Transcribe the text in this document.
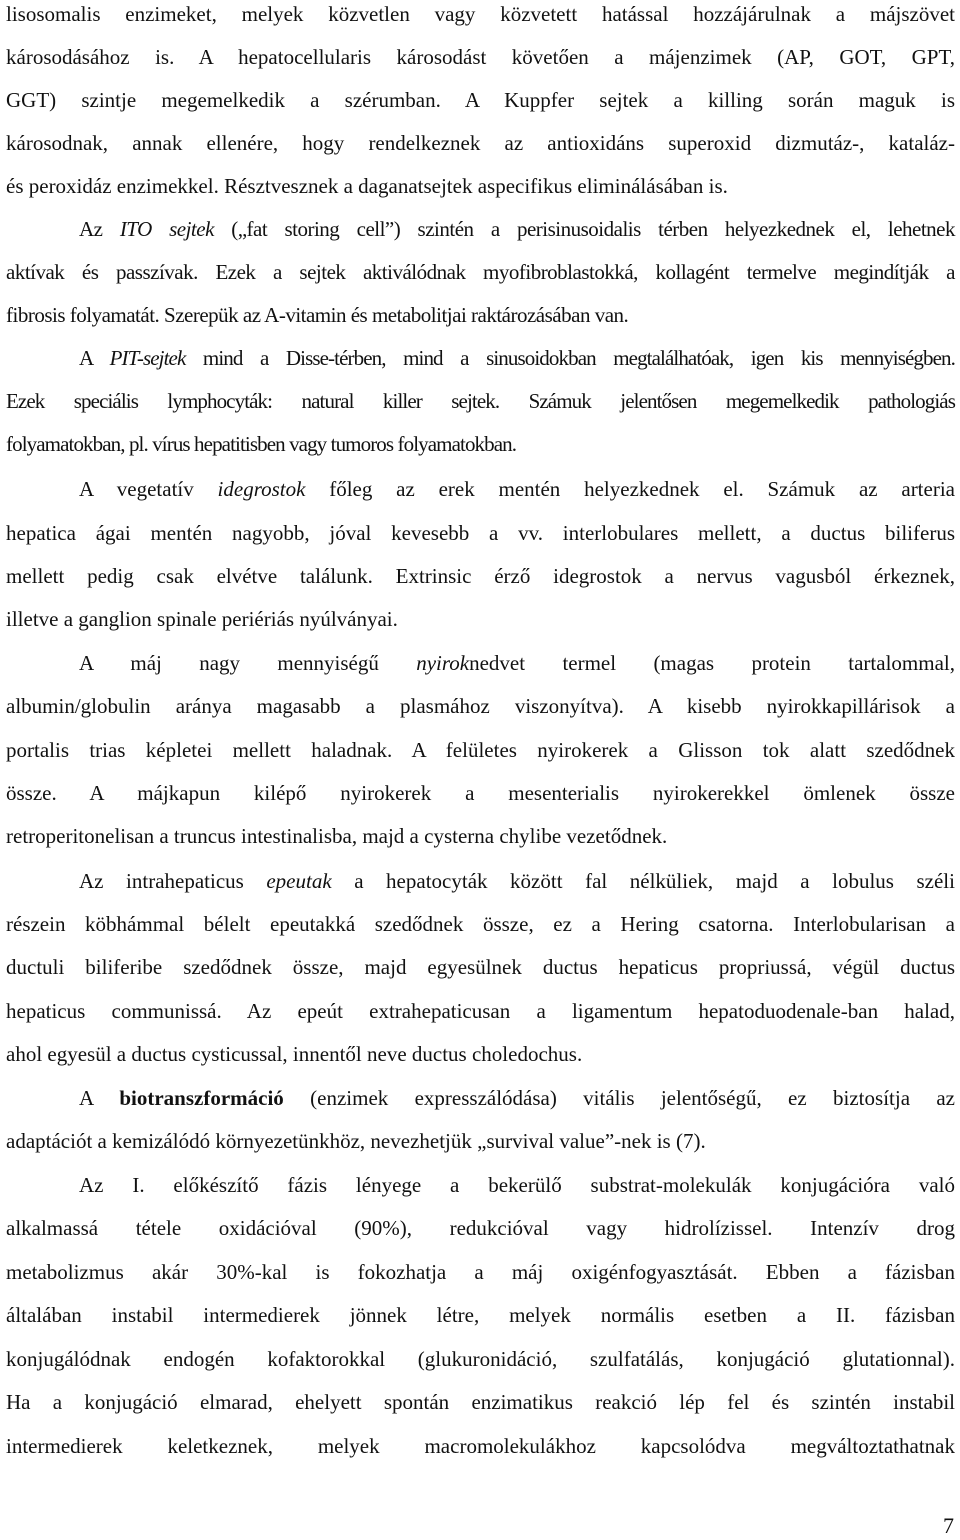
lisosomalis enzimeket, melyek közvetlen vagy közvetett hatással hozzájárulnak a májszövet
károsodásához is. A hepatocellularis károsodást követően a májenzimek (AP, GOT, GPT,
GGT) szintje megemelkedik a szérumban. A Kuppfer sejtek a killing során maguk is
károsodnak, annak ellenére, hogy rendelkeznek az antioxidáns superoxid dizmutáz-, kataláz-
és peroxidáz enzimekkel. Résztvesznek a daganatsejtek aspecifikus eliminálásában is.
Az ITO sejtek („fat storing cell”) szintén a perisinusoidalis térben helyezkednek el, lehetnek
aktívak és passzívak. Ezek a sejtek aktiválódnak myofibroblastokká, kollagént termelve megindítják a
fibrosis folyamatát. Szerepük az A-vitamin és metabolitjai raktározásában van.
A PIT-sejtek mind a Disse-térben, mind a sinusoidokban megtalálhatóak, igen kis mennyiségben.
Ezek speciális lymphocyták: natural killer sejtek. Számuk jelentősen megemelkedik pathologiás
folyamatokban, pl. vírus hepatitisben vagy tumoros folyamatokban.
A vegetatív idegrostok főleg az erek mentén helyezkednek el. Számuk az arteria
hepatica ágai mentén nagyobb, jóval kevesebb a vv. interlobulares mellett, a ductus biliferus
mellett pedig csak elvétve találunk. Extrinsic érző idegrostok a nervus vagusból érkeznek,
illetve a ganglion spinale periériás nyúlványai.
A máj nagy mennyiségű nyiroknedvet termel (magas protein tartalommal,
albumin/globulin aránya magasabb a plasmához viszonyítva). A kisebb nyirokkapillárisok a
portalis trias képletei mellett haladnak. A felületes nyirokerek a Glisson tok alatt szedődnek
össze. A májkapun kilépő nyirokerek a mesenterialis nyirokerekkel ömlenek össze
retroperitonelisan a truncus intestinalisba, majd a cysterna chylibe vezetődnek.
Az intrahepaticus epeutak a hepatocyták között fal nélküliek, majd a lobulus széli
részein köbhámmal bélelt epeutakká szedődnek össze, ez a Hering csatorna. Interlobularisan a
ductuli biliferibe szedődnek össze, majd egyesülnek ductus hepaticus propriussá, végül ductus
hepaticus communissá. Az epeút extrahepaticusan a ligamentum hepatoduodenale-ban halad,
ahol egyesül a ductus cysticussal, innentől neve ductus choledochus.
A biotranszformáció (enzimek expresszálódása) vitális jelentőségű, ez biztosítja az
adaptációt a kemizálódó környezetünkhöz, nevezhetjük „survival value”-nek is (7).
Az I. előkészítő fázis lényege a bekerülő substrat-molekulák konjugációra való
alkalmassá tétele oxidációval (90%), redukcióval vagy hidrolízissel. Intenzív drog
metabolizmus akár 30%-kal is fokozhatja a máj oxigénfogyasztását. Ebben a fázisban
általában instabil intermedierek jönnek létre, melyek normális esetben a II. fázisban
konjugálódnak endogén kofaktorokkal (glukuronidáció, szulfatálás, konjugáció glutationnal).
Ha a konjugáció elmarad, ehelyett spontán enzimatikus reakció lép fel és szintén instabil
intermedierek keletkeznek, melyek macromolekulákhoz kapcsolódva megváltoztathatnak
7
